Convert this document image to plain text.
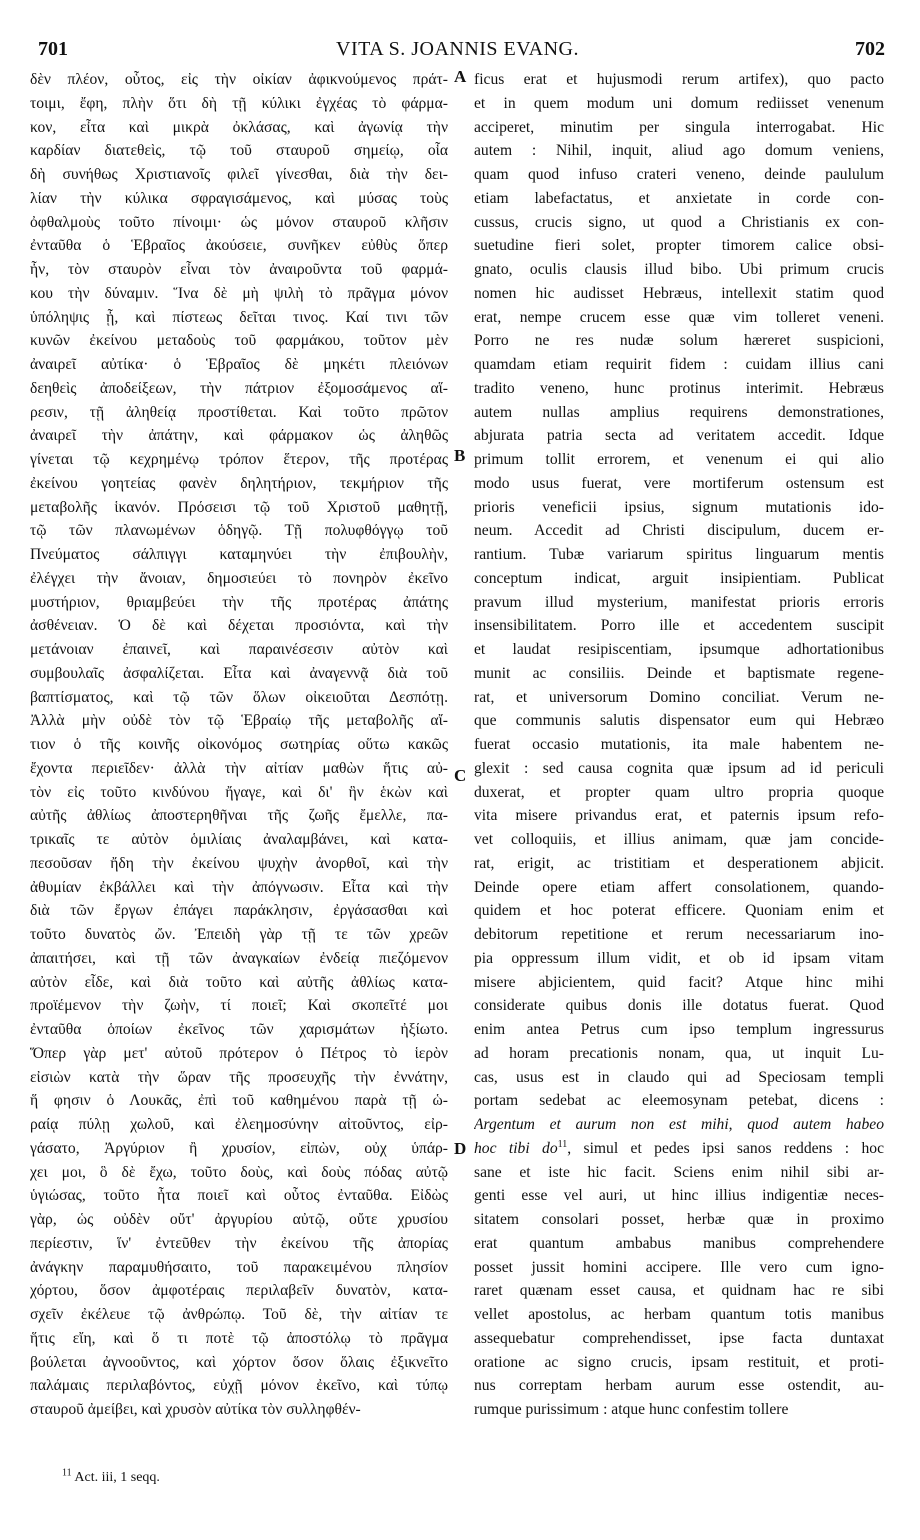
701	VITA S. JOANNIS EVANG.	702
δὲν πλέον, οὗτος, εἰς τὴν οἰκίαν ἀφικνούμενος πράτ-
τοιμι, ἔφη, πλὴν ὅτι δὴ τῇ κύλικι ἐγχέας τὸ φάρμα-
κον, εἶτα καὶ μικρὰ ὀκλάσας, καὶ ἀγωνίᾳ τὴν
καρδίαν διατεθεὶς, τῷ τοῦ σταυροῦ σημείῳ, οἷα
δὴ συνήθως Χριστιανοῖς φιλεῖ γίνεσθαι, διὰ τὴν δει-
λίαν τὴν κύλικα σφραγισάμενος, καὶ μύσας τοὺς
ὀφθαλμοὺς τοῦτο πίνοιμι· ὡς μόνον σταυροῦ κλῆσιν
ἐνταῦθα ὁ Ἑβραῖος ἀκούσειε, συνῆκεν εὐθὺς ὅπερ
ἦν, τὸν σταυρὸν εἶναι τὸν ἀναιροῦντα τοῦ φαρμά-
κου τὴν δύναμιν. Ἵνα δὲ μὴ ψιλὴ τὸ πρᾶγμα μόνον
ὑπόληψις ᾖ, καὶ πίστεως δεῖται τινος. Καί τινι τῶν
κυνῶν ἐκείνου μεταδοὺς τοῦ φαρμάκου, τοῦτον μὲν
ἀναιρεῖ αὐτίκα· ὁ Ἑβραῖος δὲ μηκέτι πλειόνων
δεηθεὶς ἀποδείξεων, τὴν πάτριον ἐξομοσάμενος αἵ-
ρεσιν, τῇ ἀληθείᾳ προστίθεται. Καὶ τοῦτο πρῶτον
ἀναιρεῖ τὴν ἀπάτην, καὶ φάρμακον ὡς ἀληθῶς
γίνεται τῷ κεχρημένῳ τρόπον ἕτερον, τῆς προτέρας
ἐκείνου γοητείας φανὲν δηλητήριον, τεκμήριον τῆς
μεταβολῆς ἱκανόν. Πρόσεισι τῷ τοῦ Χριστοῦ μαθητῇ,
τῷ τῶν πλανωμένων ὁδηγῷ. Τῇ πολυφθόγγῳ τοῦ
Πνεύματος σάλπιγγι καταμηνύει τὴν ἐπιβουλὴν,
ἐλέγχει τὴν ἄνοιαν, δημοσιεύει τὸ πονηρὸν ἐκεῖνο
μυστήριον, θριαμβεύει τὴν τῆς προτέρας ἀπάτης
ἀσθένειαν. Ὁ δὲ καὶ δέχεται προσιόντα, καὶ τὴν
μετάνοιαν ἐπαινεῖ, καὶ παραινέσεσιν αὐτὸν καὶ
συμβουλαῖς ἀσφαλίζεται. Εἶτα καὶ ἀναγεννᾷ διὰ τοῦ
βαπτίσματος, καὶ τῷ τῶν ὅλων οἰκειοῦται Δεσπότῃ.
Ἀλλὰ μὴν οὐδὲ τὸν τῷ Ἑβραίῳ τῆς μεταβολῆς αἴ-
τιον ὁ τῆς κοινῆς οἰκονόμος σωτηρίας οὕτω κακῶς
ἔχοντα περιεῖδεν· ἀλλὰ τὴν αἰτίαν μαθὼν ἥτις αὐ-
τὸν εἰς τοῦτο κινδύνου ἤγαγε, καὶ δι' ἣν ἑκὼν καὶ
αὐτῆς ἀθλίως ἀποστερηθῆναι τῆς ζωῆς ἔμελλε, πα-
τρικαῖς τε αὐτὸν ὁμιλίαις ἀναλαμβάνει, καὶ κατα-
πεσοῦσαν ἤδη τὴν ἐκείνου ψυχὴν ἀνορθοῖ, καὶ τὴν
ἀθυμίαν ἐκβάλλει καὶ τὴν ἀπόγνωσιν. Εἶτα καὶ τὴν
διὰ τῶν ἔργων ἐπάγει παράκλησιν, ἐργάσασθαι καὶ
τοῦτο δυνατὸς ὤν. Ἐπειδὴ γὰρ τῇ τε τῶν χρεῶν
ἀπαιτήσει, καὶ τῇ τῶν ἀναγκαίων ἐνδείᾳ πιεζόμενον
αὐτὸν εἶδε, καὶ διὰ τοῦτο καὶ αὐτῆς ἀθλίως κατα-
προϊέμενον τὴν ζωὴν, τί ποιεῖ; Καὶ σκοπεῖτέ μοι
ἐνταῦθα ὁποίων ἐκεῖνος τῶν χαρισμάτων ἠξίωτο.
Ὅπερ γὰρ μετ' αὐτοῦ πρότερον ὁ Πέτρος τὸ ἱερὸν
εἰσιὼν κατὰ τὴν ὥραν τῆς προσευχῆς τὴν ἐννάτην,
ἥ φησιν ὁ Λουκᾶς, ἐπὶ τοῦ καθημένου παρὰ τῇ ὡ-
ραίᾳ πύλῃ χωλοῦ, καὶ ἐλεημοσύνην αἰτοῦντος, εἰρ-
γάσατο, Ἀργύριον ἢ χρυσίον, εἰπὼν, οὐχ ὑπάρ-
χει μοι, ὃ δὲ ἔχω, τοῦτο δοὺς, καὶ δοὺς πόδας αὐτῷ
ὑγιώσας, τοῦτο ἦτα ποιεῖ καὶ οὗτος ἐνταῦθα. Εἰδὼς
γὰρ, ὡς οὐδὲν οὔτ' ἀργυρίου αὐτῷ, οὔτε χρυσίου
περίεστιν, ἵν' ἐντεῦθεν τὴν ἐκείνου τῆς ἀπορίας
ἀνάγκην παραμυθήσαιτο, τοῦ παρακειμένου πλησίον
χόρτου, ὅσον ἀμφοτέραις περιλαβεῖν δυνατὸν, κατα-
σχεῖν ἐκέλευε τῷ ἀνθρώπῳ. Τοῦ δὲ, τὴν αἰτίαν τε
ἥτις εἴη, καὶ ὅ τι ποτὲ τῷ ἀποστόλῳ τὸ πρᾶγμα
βούλεται ἀγνοοῦντος, καὶ χόρτον ὅσον ὅλαις ἐξικνεῖτο
παλάμαις περιλαβόντος, εὐχῇ μόνον ἐκεῖνο, καὶ τύπῳ
σταυροῦ ἀμείβει, καὶ χρυσὸν αὐτίκα τὸν συλληφθέν-
ficus erat et hujusmodi rerum artifex), quo pacto
et in quem modum uni domum rediisset venenum
acciperet, minutim per singula interrogabat. Hic
autem : Nihil, inquit, aliud ago domum veniens,
quam quod infuso crateri veneno, deinde paululum
etiam labefactatus, et anxietate in corde con-
cussus, crucis signo, ut quod a Christianis ex con-
suetudine fieri solet, propter timorem calice obsi-
gnato, oculis clausis illud bibo. Ubi primum crucis
nomen hic audisset Hebræus, intellexit statim quod
erat, nempe crucem esse quæ vim tolleret veneni.
Porro ne res nudæ solum hæreret suspicioni,
quamdam etiam requirit fidem : cuidam illius cani
tradito veneno, hunc protinus interimit. Hebræus
autem nullas amplius requirens demonstrationes,
abjurata patria secta ad veritatem accedit. Idque
primum tollit errorem, et venenum ei qui alio
modo usus fuerat, vere mortiferum ostensum est
prioris veneficii ipsius, signum mutationis ido-
neum. Accedit ad Christi discipulum, ducem er-
rantium. Tubæ variarum spiritus linguarum mentis
conceptum indicat, arguit insipientiam. Publicat
pravum illud mysterium, manifestat prioris erroris
insensibilitatem. Porro ille et accedentem suscipit
et laudat resipiscentiam, ipsumque adhortationibus
munit ac consiliis. Deinde et baptismate regene-
rat, et universorum Domino conciliat. Verum ne-
que communis salutis dispensator eum qui Hebræo
fuerat occasio mutationis, ita male habentem ne-
glexit : sed causa cognita quæ ipsum ad id periculi
duxerat, et propter quam ultro propria quoque
vita misere privandus erat, et paternis ipsum refo-
vet colloquiis, et illius animam, quæ jam concide-
rat, erigit, ac tristitiam et desperationem abjicit.
Deinde opere etiam affert consolationem, quando-
quidem et hoc poterat efficere. Quoniam enim et
debitorum repetitione et rerum necessariarum ino-
pia oppressum illum vidit, et ob id ipsam vitam
misere abjicientem, quid facit? Atque hinc mihi
considerate quibus donis ille dotatus fuerat. Quod
enim antea Petrus cum ipso templum ingressurus
ad horam precationis nonam, qua, ut inquit Lu-
cas, usus est in claudo qui ad Speciosam templi
portam sedebat ac eleemosynam petebat, dicens :
Argentum et aurum non est mihi, quod autem habeo
hoc tibi do$^{11}$, simul et pedes ipsi sanos reddens : hoc
sane et iste hic facit. Sciens enim nihil sibi ar-
genti esse vel auri, ut hinc illius indigentiæ neces-
sitatem consolari posset, herbæ quæ in proximo
erat quantum ambabus manibus comprehendere
posset jussit homini accipere. Ille vero cum igno-
raret quænam esset causa, et quidnam hac re sibi
vellet apostolus, ac herbam quantum totis manibus
assequebatur comprehendisset, ipse facta duntaxat
oratione ac signo crucis, ipsam restituit, et proti-
nus correptam herbam aurum esse ostendit, au-
rumque purissimum : atque hunc confestim tollere
A
B
C
D
$^{11}$ Act. iii, 1 seqq.
